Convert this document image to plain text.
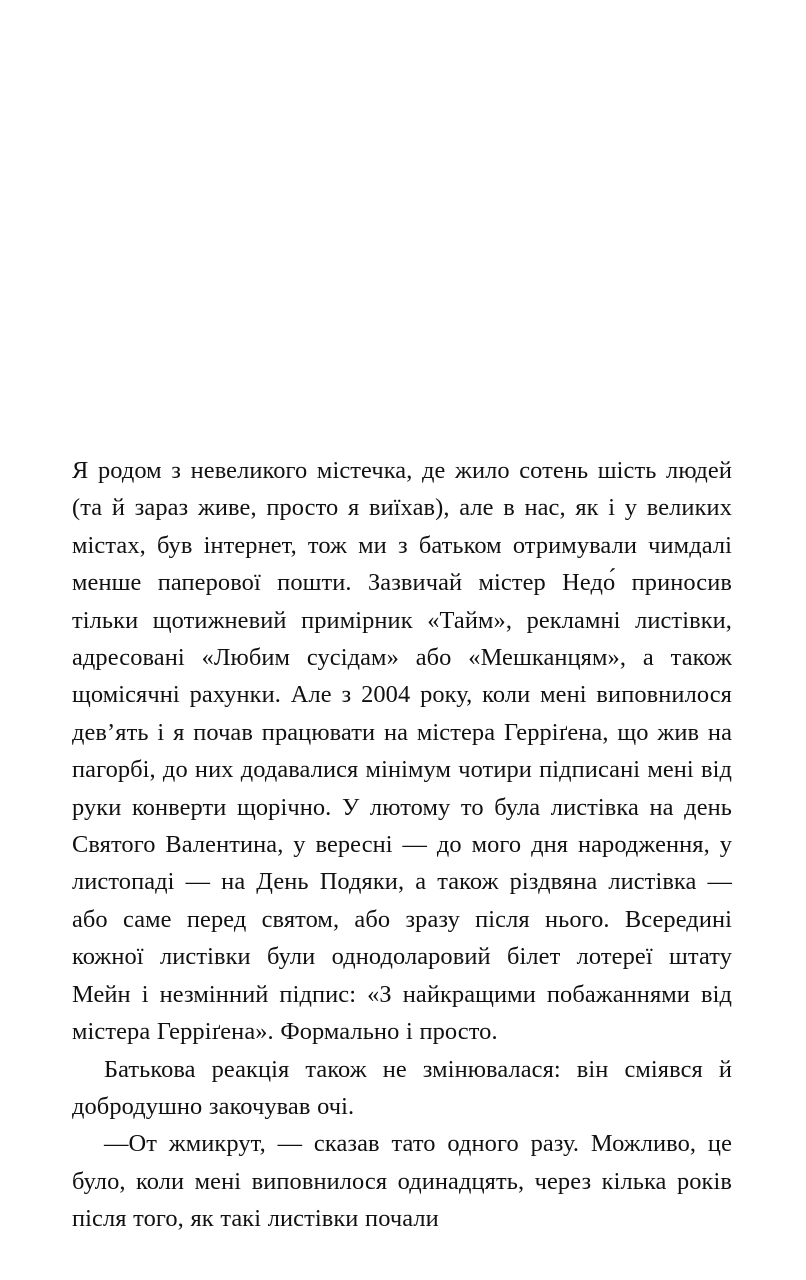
Я родом з невеликого містечка, де жило сотень шість людей (та й зараз живе, просто я виїхав), але в нас, як і у великих містах, був інтернет, тож ми з батьком отримували чимдалі менше паперової пошти. Зазвичай містер Недо́ приносив тільки щотижневий примірник «Тайм», рекламні листівки, адресовані «Любим сусідам» або «Мешканцям», а також щомісячні рахунки. Але з 2004 року, коли мені виповнилося дев’ять і я почав працювати на містера Герріґена, що жив на пагорбі, до них додавалися мінімум чотири підписані мені від руки конверти щорічно. У лютому то була листівка на день Святого Валентина, у вересні — до мого дня народження, у листопаді — на День Подяки, а також різдвяна листівка — або саме перед святом, або зразу після нього. Всередині кожної листівки були однодоларовий білет лотереї штату Мейн і незмінний підпис: «З найкращими побажаннями від містера Герріґена». Формально і просто.

Батькова реакція також не змінювалася: він сміявся й добродушно закочував очі.

—От жмикрут, — сказав тато одного разу. Можливо, це було, коли мені виповнилося одинадцять, через кілька років після того, як такі листівки почали
